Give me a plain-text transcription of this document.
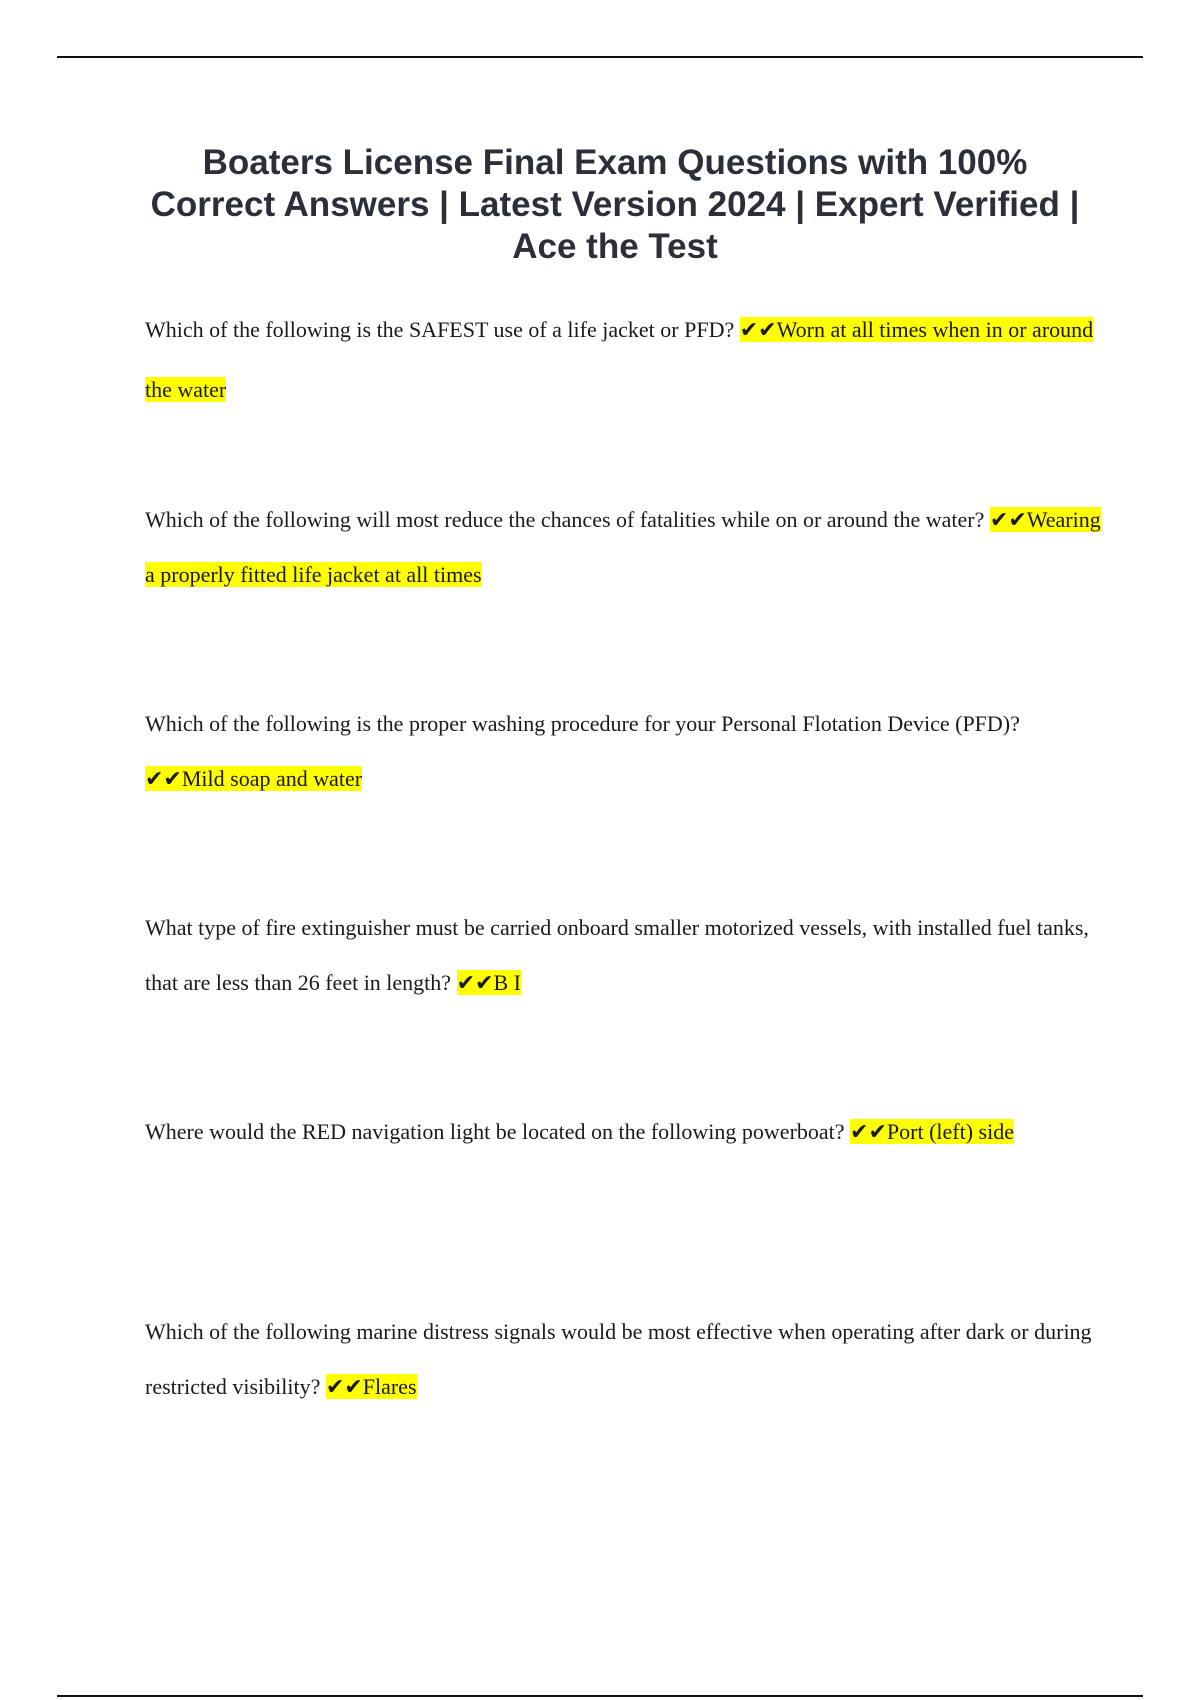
Boaters License Final Exam Questions with 100% Correct Answers | Latest Version 2024 | Expert Verified | Ace the Test

Which of the following is the SAFEST use of a life jacket or PFD? ✔✔Worn at all times when in or around the water

Which of the following will most reduce the chances of fatalities while on or around the water? ✔✔Wearing a properly fitted life jacket at all times

Which of the following is the proper washing procedure for your Personal Flotation Device (PFD)? ✔✔Mild soap and water

What type of fire extinguisher must be carried onboard smaller motorized vessels, with installed fuel tanks, that are less than 26 feet in length? ✔✔B I

Where would the RED navigation light be located on the following powerboat? ✔✔Port (left) side

Which of the following marine distress signals would be most effective when operating after dark or during restricted visibility? ✔✔Flares
